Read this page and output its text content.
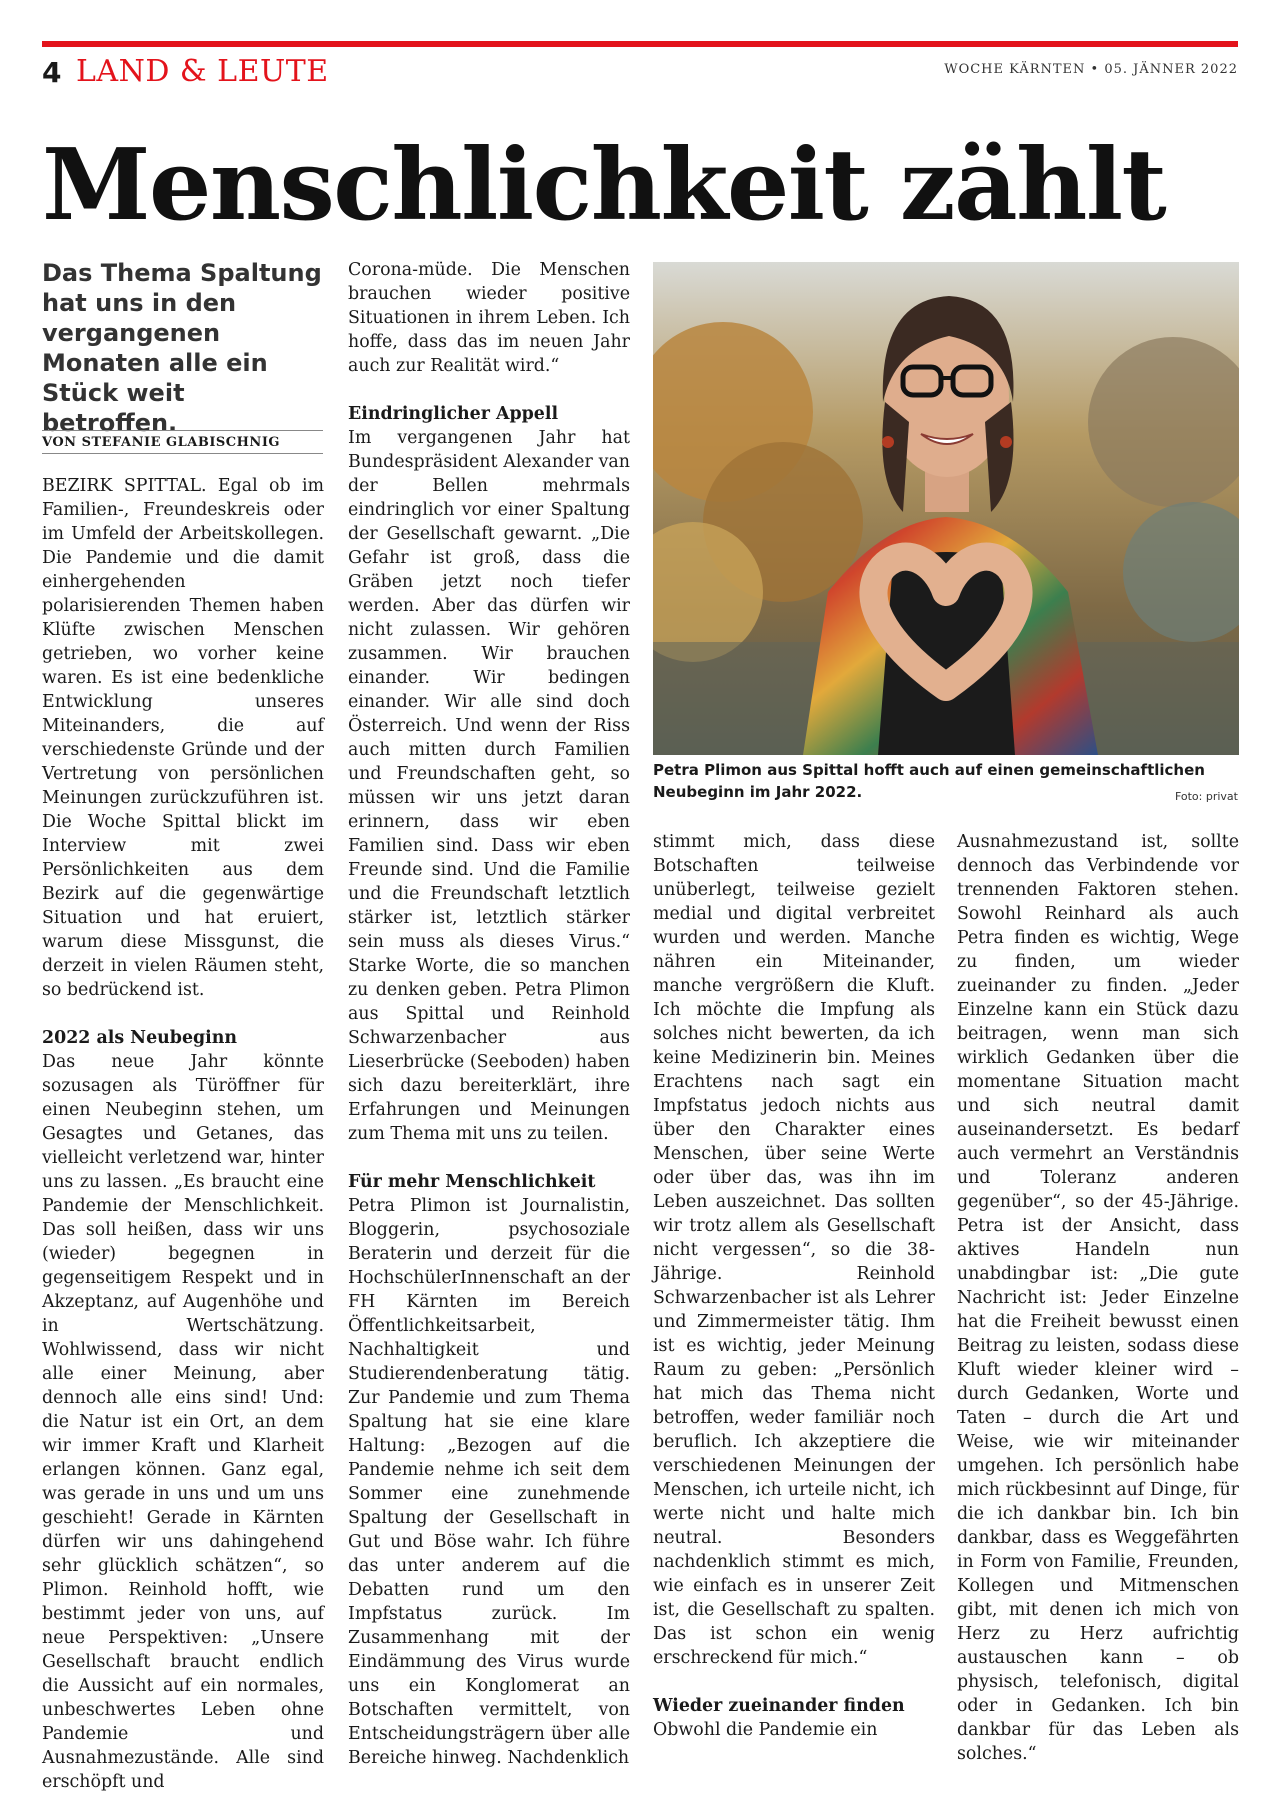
4 LAND & LEUTE	WOCHE KÄRNTEN • 05. JÄNNER 2022
Menschlichkeit zählt

Das Thema Spaltung hat uns in den vergangenen Monaten alle ein Stück weit betroffen.

VON STEFANIE GLABISCHNIG

BEZIRK SPITTAL. Egal ob im Familien-, Freundeskreis oder im Umfeld der Arbeitskollegen. Die Pandemie und die damit einhergehenden polarisierenden Themen haben Klüfte zwischen Menschen getrieben, wo vorher keine waren. Es ist eine bedenkliche Entwicklung unseres Miteinanders, die auf verschiedenste Gründe und der Vertretung von persönlichen Meinungen zurückzuführen ist. Die Woche Spittal blickt im Interview mit zwei Persönlichkeiten aus dem Bezirk auf die gegenwärtige Situation und hat eruiert, warum diese Missgunst, die derzeit in vielen Räumen steht, so bedrückend ist.

2022 als Neubeginn

Das neue Jahr könnte sozusagen als Türöffner für einen Neubeginn stehen, um Gesagtes und Getanes, das vielleicht verletzend war, hinter uns zu lassen. „Es braucht eine Pandemie der Menschlichkeit. Das soll heißen, dass wir uns (wieder) begegnen in gegenseitigem Respekt und in Akzeptanz, auf Augenhöhe und in Wertschätzung. Wohlwissend, dass wir nicht alle einer Meinung, aber dennoch alle eins sind! Und: die Natur ist ein Ort, an dem wir immer Kraft und Klarheit erlangen können. Ganz egal, was gerade in uns und um uns geschieht! Gerade in Kärnten dürfen wir uns dahingehend sehr glücklich schätzen“, so Plimon. Reinhold hofft, wie bestimmt jeder von uns, auf neue Perspektiven: „Unsere Gesellschaft braucht endlich die Aussicht auf ein normales, unbeschwertes Leben ohne Pandemie und Ausnahmezustände. Alle sind erschöpft und

Corona-müde. Die Menschen brauchen wieder positive Situationen in ihrem Leben. Ich hoffe, dass das im neuen Jahr auch zur Realität wird.“

Eindringlicher Appell

Im vergangenen Jahr hat Bundespräsident Alexander van der Bellen mehrmals eindringlich vor einer Spaltung der Gesellschaft gewarnt. „Die Gefahr ist groß, dass die Gräben jetzt noch tiefer werden. Aber das dürfen wir nicht zulassen. Wir gehören zusammen. Wir brauchen einander. Wir bedingen einander. Wir alle sind doch Österreich. Und wenn der Riss auch mitten durch Familien und Freundschaften geht, so müssen wir uns jetzt daran erinnern, dass wir eben Familien sind. Dass wir eben Freunde sind. Und die Familie und die Freundschaft letztlich stärker ist, letztlich stärker sein muss als dieses Virus.“ Starke Worte, die so manchen zu denken geben. Petra Plimon aus Spittal und Reinhold Schwarzenbacher aus Lieserbrücke (Seeboden) haben sich dazu bereiterklärt, ihre Erfahrungen und Meinungen zum Thema mit uns zu teilen.

Für mehr Menschlichkeit

Petra Plimon ist Journalistin, Bloggerin, psychosoziale Beraterin und derzeit für die HochschülerInnenschaft an der FH Kärnten im Bereich Öffentlichkeitsarbeit, Nachhaltigkeit und Studierendenberatung tätig. Zur Pandemie und zum Thema Spaltung hat sie eine klare Haltung: „Bezogen auf die Pandemie nehme ich seit dem Sommer eine zunehmende Spaltung der Gesellschaft in Gut und Böse wahr. Ich führe das unter anderem auf die Debatten rund um den Impfstatus zurück. Im Zusammenhang mit der Eindämmung des Virus wurde uns ein Konglomerat an Botschaften vermittelt, von Entscheidungsträgern über alle Bereiche hinweg. Nachdenklich

Petra Plimon aus Spittal hofft auch auf einen gemeinschaftlichen Neubeginn im Jahr 2022.	Foto: privat

stimmt mich, dass diese Botschaften teilweise unüberlegt, teilweise gezielt medial und digital verbreitet wurden und werden. Manche nähren ein Miteinander, manche vergrößern die Kluft. Ich möchte die Impfung als solches nicht bewerten, da ich keine Medizinerin bin. Meines Erachtens nach sagt ein Impfstatus jedoch nichts aus über den Charakter eines Menschen, über seine Werte oder über das, was ihn im Leben auszeichnet. Das sollten wir trotz allem als Gesellschaft nicht vergessen“, so die 38-Jährige. Reinhold Schwarzenbacher ist als Lehrer und Zimmermeister tätig. Ihm ist es wichtig, jeder Meinung Raum zu geben: „Persönlich hat mich das Thema nicht betroffen, weder familiär noch beruflich. Ich akzeptiere die verschiedenen Meinungen der Menschen, ich urteile nicht, ich werte nicht und halte mich neutral. Besonders nachdenklich stimmt es mich, wie einfach es in unserer Zeit ist, die Gesellschaft zu spalten. Das ist schon ein wenig erschreckend für mich.“

Wieder zueinander finden

Obwohl die Pandemie ein

Ausnahmezustand ist, sollte dennoch das Verbindende vor trennenden Faktoren stehen. Sowohl Reinhard als auch Petra finden es wichtig, Wege zu finden, um wieder zueinander zu finden. „Jeder Einzelne kann ein Stück dazu beitragen, wenn man sich wirklich Gedanken über die momentane Situation macht und sich neutral damit auseinandersetzt. Es bedarf auch vermehrt an Verständnis und Toleranz anderen gegenüber“, so der 45-Jährige. Petra ist der Ansicht, dass aktives Handeln nun unabdingbar ist: „Die gute Nachricht ist: Jeder Einzelne hat die Freiheit bewusst einen Beitrag zu leisten, sodass diese Kluft wieder kleiner wird – durch Gedanken, Worte und Taten – durch die Art und Weise, wie wir miteinander umgehen. Ich persönlich habe mich rückbesinnt auf Dinge, für die ich dankbar bin. Ich bin dankbar, dass es Weggefährten in Form von Familie, Freunden, Kollegen und Mitmenschen gibt, mit denen ich mich von Herz zu Herz aufrichtig austauschen kann – ob physisch, telefonisch, digital oder in Gedanken. Ich bin dankbar für das Leben als solches.“
